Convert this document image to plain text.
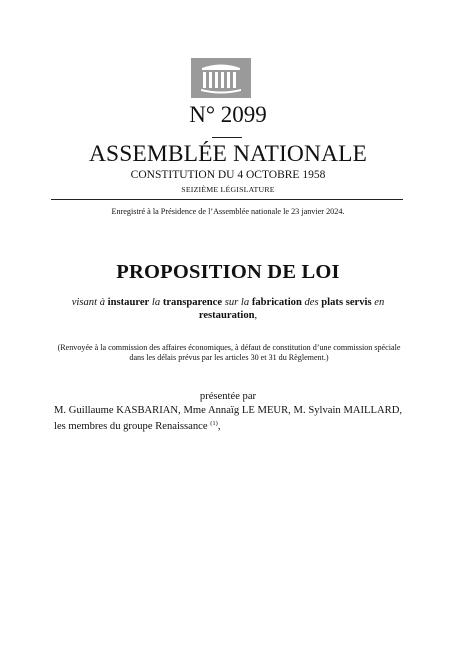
N° 2099
ASSEMBLÉE NATIONALE
CONSTITUTION DU 4 OCTOBRE 1958
SEIZIÈME LÉGISLATURE
Enregistré à la Présidence de l’Assemblée nationale le 23 janvier 2024.
PROPOSITION DE LOI
visant à instaurer la transparence sur la fabrication des plats servis en restauration,
(Renvoyée à la commission des affaires économiques, à défaut de constitution d’une commission spéciale dans les délais prévus par les articles 30 et 31 du Règlement.)
présentée par
M. Guillaume KASBARIAN, Mme Annaïg LE MEUR, M. Sylvain MAILLARD, les membres du groupe Renaissance $^{(1)}$,
